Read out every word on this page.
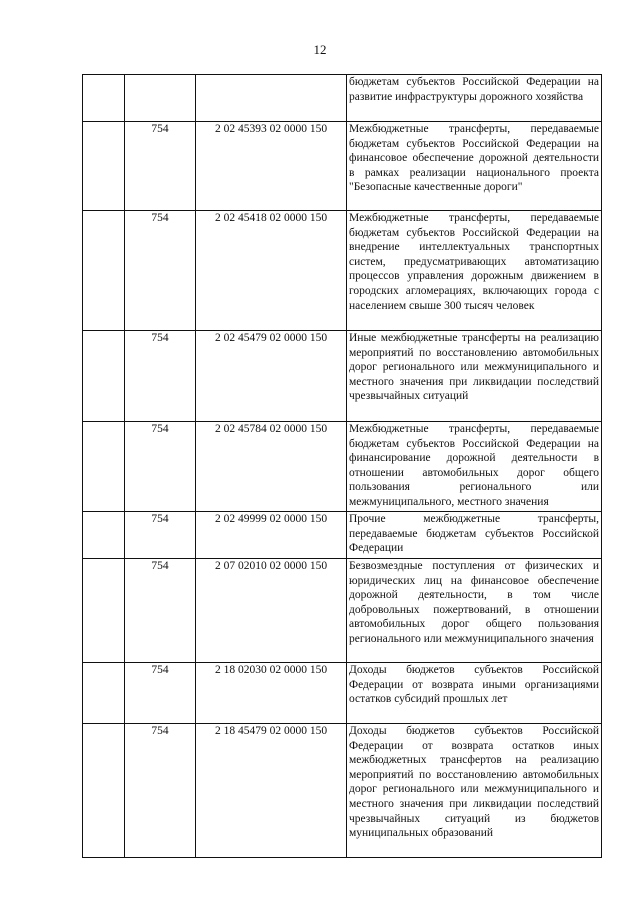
12
			бюджетам субъектов Российской Федерации на развитие инфраструктуры дорожного хозяйства
	754	2 02 45393 02 0000 150	Межбюджетные трансферты, передаваемые бюджетам субъектов Российской Федерации на финансовое обеспечение дорожной деятельности в рамках реализации национального проекта "Безопасные качественные дороги"
	754	2 02 45418 02 0000 150	Межбюджетные трансферты, передаваемые бюджетам субъектов Российской Федерации на внедрение интеллектуальных транспортных систем, предусматривающих автоматизацию процессов управления дорожным движением в городских агломерациях, включающих города с населением свыше 300 тысяч человек
	754	2 02 45479 02 0000 150	Иные межбюджетные трансферты на реализацию мероприятий по восстановлению автомобильных дорог регионального или межмуниципального и местного значения при ликвидации последствий чрезвычайных ситуаций
	754	2 02 45784 02 0000 150	Межбюджетные трансферты, передаваемые бюджетам субъектов Российской Федерации на финансирование дорожной деятельности в отношении автомобильных дорог общего пользования регионального или межмуниципального, местного значения
	754	2 02 49999 02 0000 150	Прочие межбюджетные трансферты, передаваемые бюджетам субъектов Российской Федерации
	754	2 07 02010 02 0000 150	Безвозмездные поступления от физических и юридических лиц на финансовое обеспечение дорожной деятельности, в том числе добровольных пожертвований, в отношении автомобильных дорог общего пользования регионального или межмуниципального значения
	754	2 18 02030 02 0000 150	Доходы бюджетов субъектов Российской Федерации от возврата иными организациями остатков субсидий прошлых лет
	754	2 18 45479 02 0000 150	Доходы бюджетов субъектов Российской Федерации от возврата остатков иных межбюджетных трансфертов на реализацию мероприятий по восстановлению автомобильных дорог регионального или межмуниципального и местного значения при ликвидации последствий чрезвычайных ситуаций из бюджетов муниципальных образований
